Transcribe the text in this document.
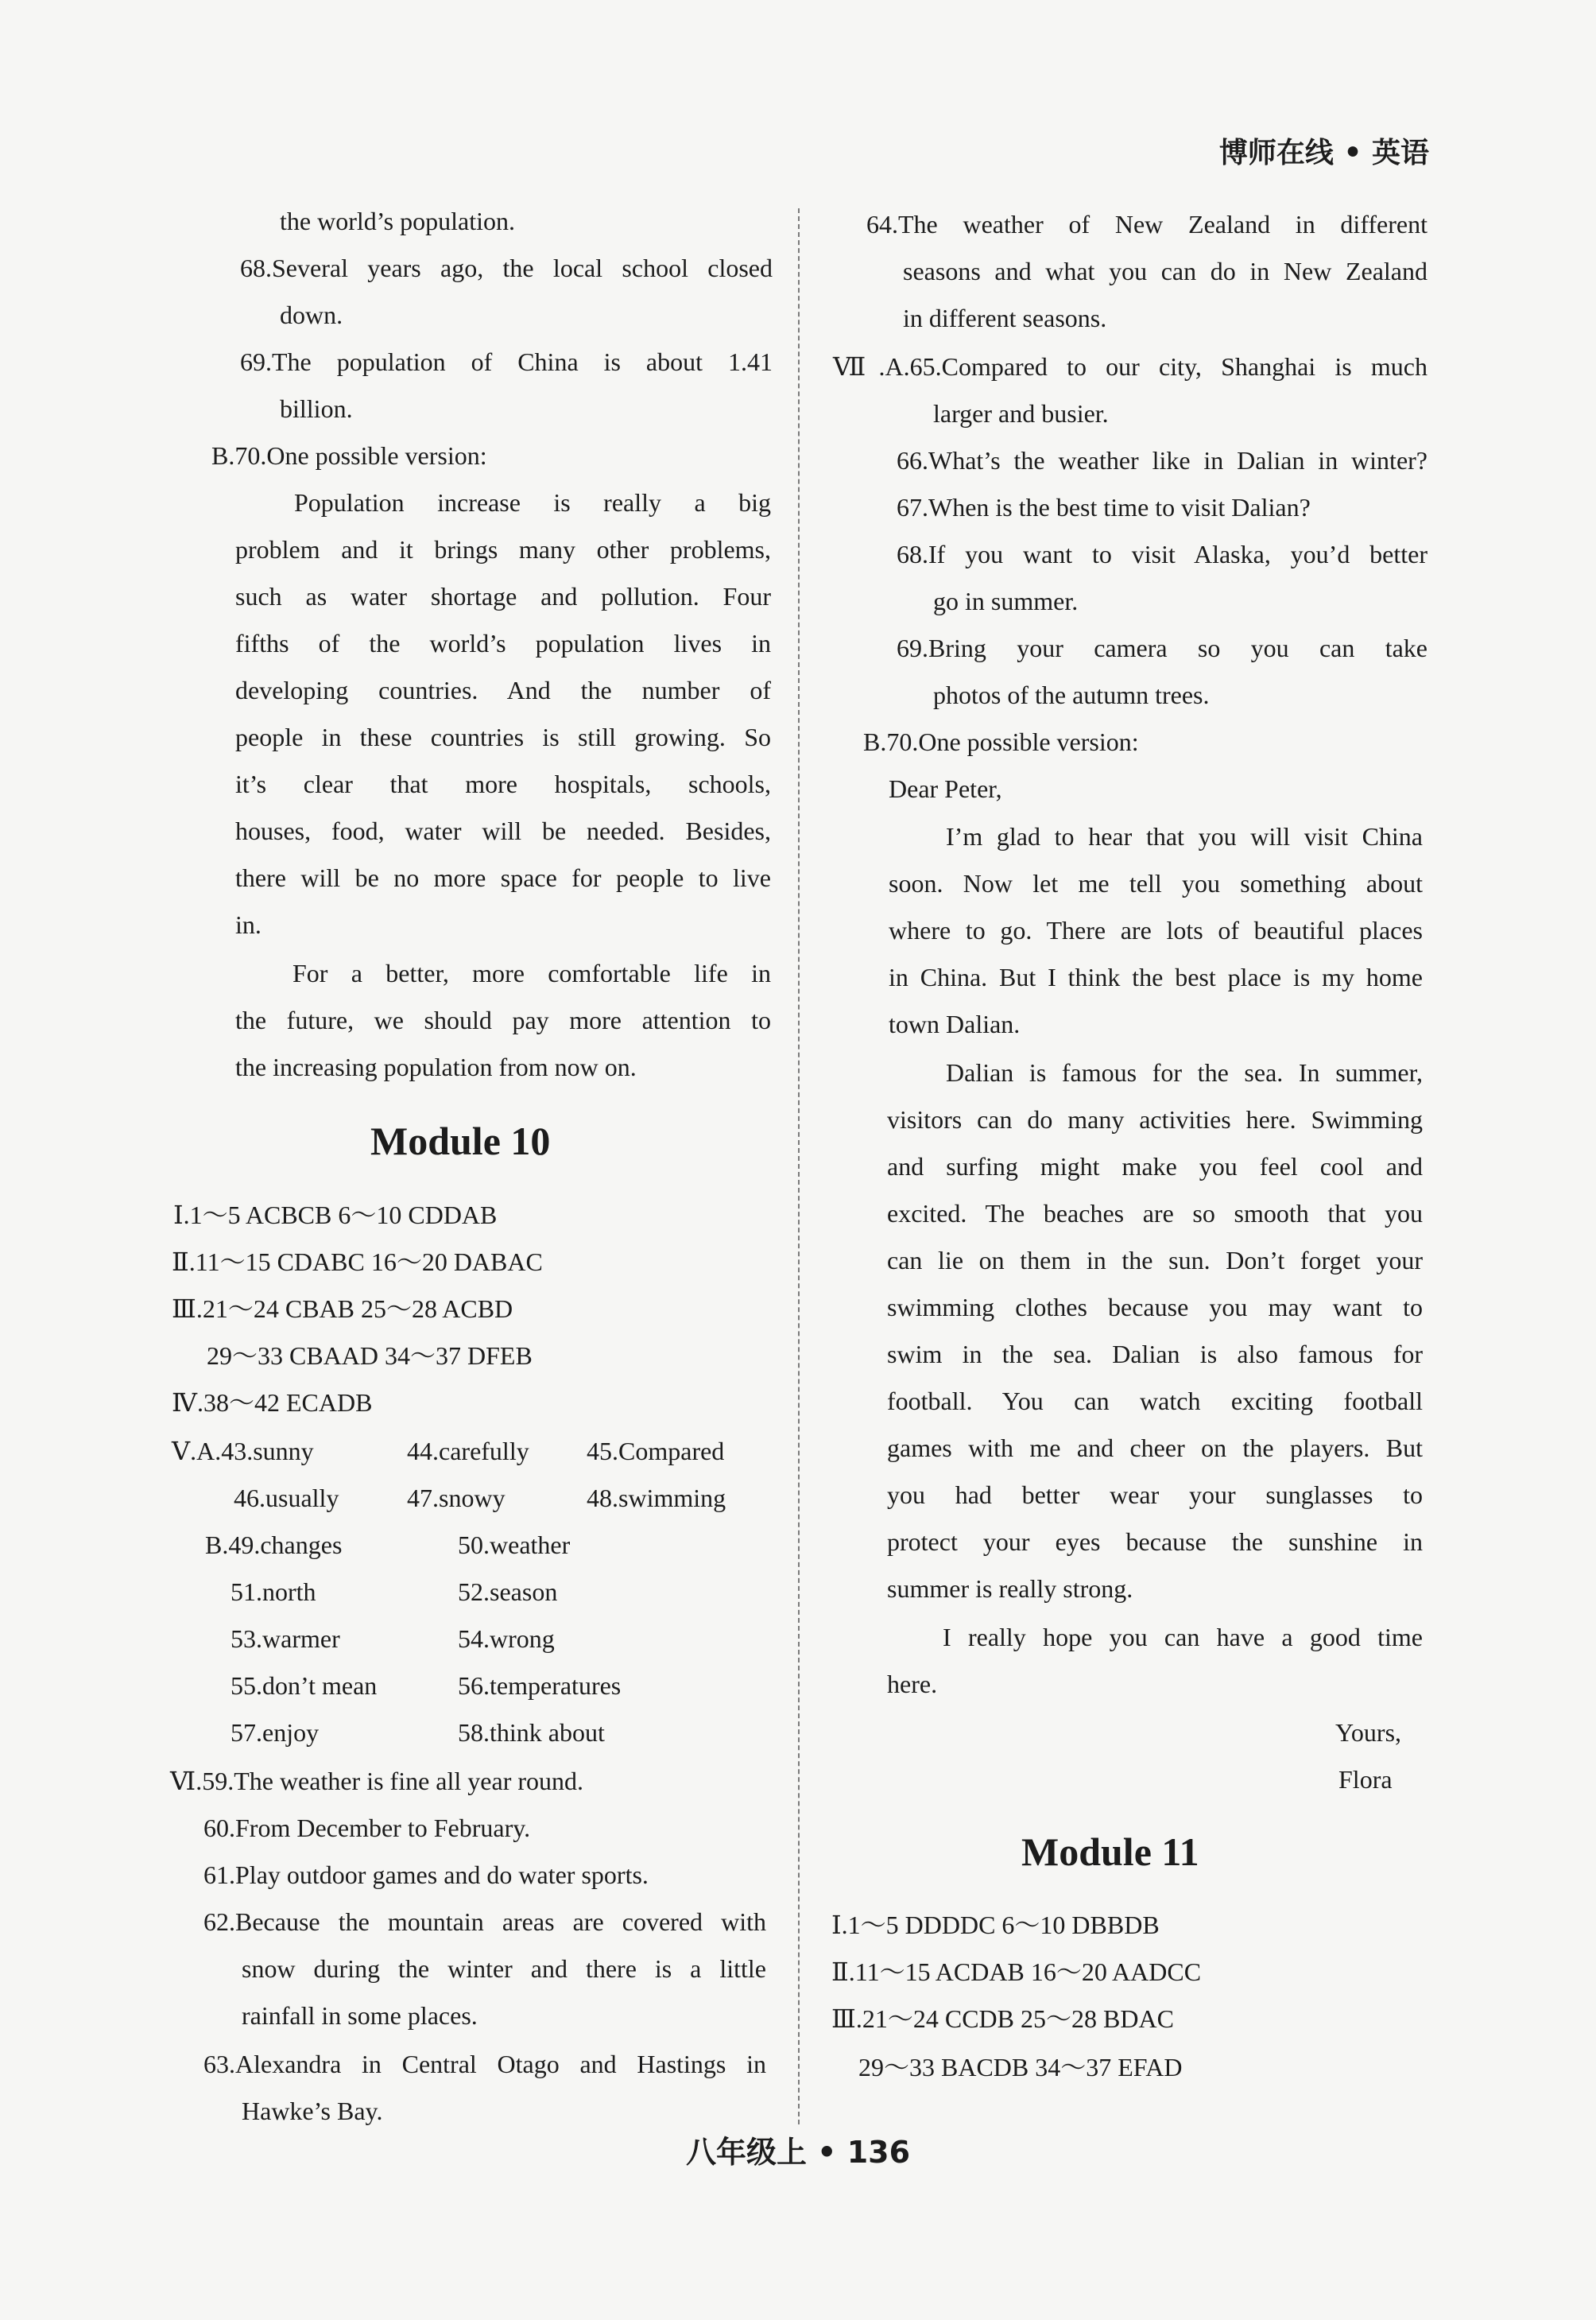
博师在线 • 英语
the world’s population.
68.Several years ago, the local school closed
down.
69.The population of China is about 1.41
billion.
B.70.One possible version:
Population increase is really a big
problem and it brings many other problems,
such as water shortage and pollution. Four
fifths of the world’s population lives in
developing countries. And the number of
people in these countries is still growing. So
it’s clear that more hospitals, schools,
houses, food, water will be needed. Besides,
there will be no more space for people to live
in.
For a better, more comfortable life in
the future, we should pay more attention to
the increasing population from now on.
Module 10
Ⅰ.1～5 ACBCB 6～10 CDDAB
Ⅱ.11～15 CDABC 16～20 DABAC
Ⅲ.21～24 CBAB 25～28 ACBD
29～33 CBAAD 34～37 DFEB
Ⅳ.38～42 ECADB
Ⅴ.A.43.sunny	44.carefully 45.Compared
46.usually	47.snowy	48.swimming
B.49.changes	50.weather
51.north	52.season
53.warmer	54.wrong
55.don’t mean	56.temperatures
57.enjoy	58.think about
Ⅵ.59.The weather is fine all year round.
60.From December to February.
61.Play outdoor games and do water sports.
62.Because the mountain areas are covered with
snow during the winter and there is a little
rainfall in some places.
63.Alexandra in Central Otago and Hastings in
Hawke’s Bay.
64.The weather of New Zealand in different
seasons and what you can do in New Zealand
in different seasons.
Ⅶ.A.65.Compared to our city, Shanghai is much
larger and busier.
66.What’s the weather like in Dalian in winter?
67.When is the best time to visit Dalian?
68.If you want to visit Alaska, you’d better
go in summer.
69.Bring your camera so you can take
photos of the autumn trees.
B.70.One possible version:
Dear Peter,
I’m glad to hear that you will visit China
soon. Now let me tell you something about
where to go. There are lots of beautiful places
in China. But I think the best place is my home
town Dalian.
Dalian is famous for the sea. In summer,
visitors can do many activities here. Swimming
and surfing might make you feel cool and
excited. The beaches are so smooth that you
can lie on them in the sun. Don’t forget your
swimming clothes because you may want to
swim in the sea. Dalian is also famous for
football. You can watch exciting football
games with me and cheer on the players. But
you had better wear your sunglasses to
protect your eyes because the sunshine in
summer is really strong.
I really hope you can have a good time
here.
Yours,
Flora
Module 11
Ⅰ.1～5 DDDDC 6～10 DBBDB
Ⅱ.11～15 ACDAB 16～20 AADCC
Ⅲ.21～24 CCDB 25～28 BDAC
29～33 BACDB 34～37 EFAD
八年级上 • 136
